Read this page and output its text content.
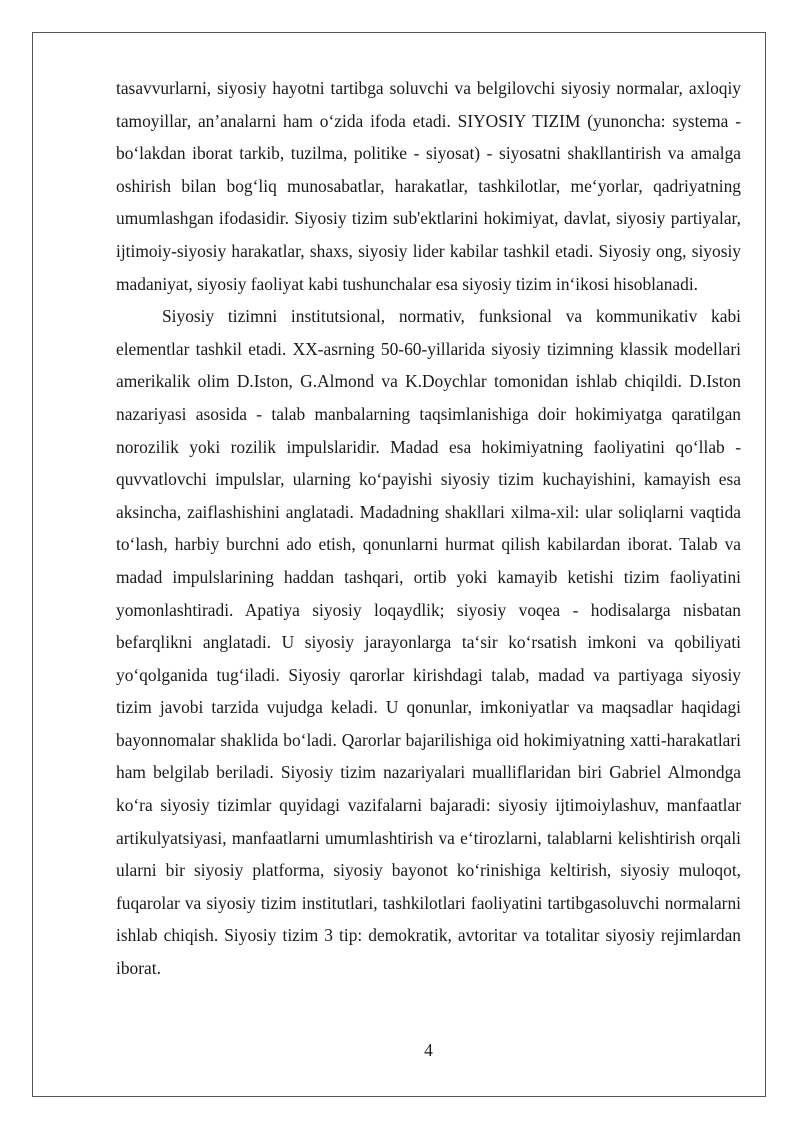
tasavvurlarni, siyosiy hayotni tartibga soluvchi va belgilovchi siyosiy normalar, axloqiy tamoyillar, an’analarni ham o‘zida ifoda etadi. SIYOSIY TIZIM (yunoncha: systema - bo‘lakdan iborat tarkib, tuzilma, politike - siyosat) - siyosatni shakllantirish va amalga oshirish bilan bog‘liq munosabatlar, harakatlar, tashkilotlar, me‘yorlar, qadriyatning umumlashgan ifodasidir. Siyosiy tizim sub'ektlarini hokimiyat, davlat, siyosiy partiyalar, ijtimoiy-siyosiy harakatlar, shaxs, siyosiy lider kabilar tashkil etadi. Siyosiy ong, siyosiy madaniyat, siyosiy faoliyat kabi tushunchalar esa siyosiy tizim in‘ikosi hisoblanadi.

Siyosiy tizimni institutsional, normativ, funksional va kommunikativ kabi elementlar tashkil etadi. XX-asrning 50-60-yillarida siyosiy tizimning klassik modellari amerikalik olim D.Iston, G.Almond va K.Doychlar tomonidan ishlab chiqildi. D.Iston nazariyasi asosida - talab manbalarning taqsimlanishiga doir hokimiyatga qaratilgan norozilik yoki rozilik impulslaridir. Madad esa hokimiyatning faoliyatini qo‘llab - quvvatlovchi impulslar, ularning ko‘payishi siyosiy tizim kuchayishini, kamayish esa aksincha, zaiflashishini anglatadi. Madadning shakllari xilma-xil: ular soliqlarni vaqtida to‘lash, harbiy burchni ado etish, qonunlarni hurmat qilish kabilardan iborat. Talab va madad impulslarining haddan tashqari, ortib yoki kamayib ketishi tizim faoliyatini yomonlashtiradi. Apatiya siyosiy loqaydlik; siyosiy voqea - hodisalarga nisbatan befarqlikni anglatadi. U siyosiy jarayonlarga ta‘sir ko‘rsatish imkoni va qobiliyati yo‘qolganida tug‘iladi. Siyosiy qarorlar kirishdagi talab, madad va partiyaga siyosiy tizim javobi tarzida vujudga keladi. U qonunlar, imkoniyatlar va maqsadlar haqidagi bayonnomalar shaklida bo‘ladi. Qarorlar bajarilishiga oid hokimiyatning xatti-harakatlari ham belgilab beriladi. Siyosiy tizim nazariyalari mualliflaridan biri Gabriel Almondga ko‘ra siyosiy tizimlar quyidagi vazifalarni bajaradi: siyosiy ijtimoiylashuv, manfaatlar artikulyatsiyasi, manfaatlarni umumlashtirish va e‘tirozlarni, talablarni kelishtirish orqali ularni bir siyosiy platforma, siyosiy bayonot ko‘rinishiga keltirish, siyosiy muloqot, fuqarolar va siyosiy tizim institutlari, tashkilotlari faoliyatini tartibgasoluvchi normalarni ishlab chiqish. Siyosiy tizim 3 tip: demokratik, avtoritar va totalitar siyosiy rejimlardan iborat.

4
